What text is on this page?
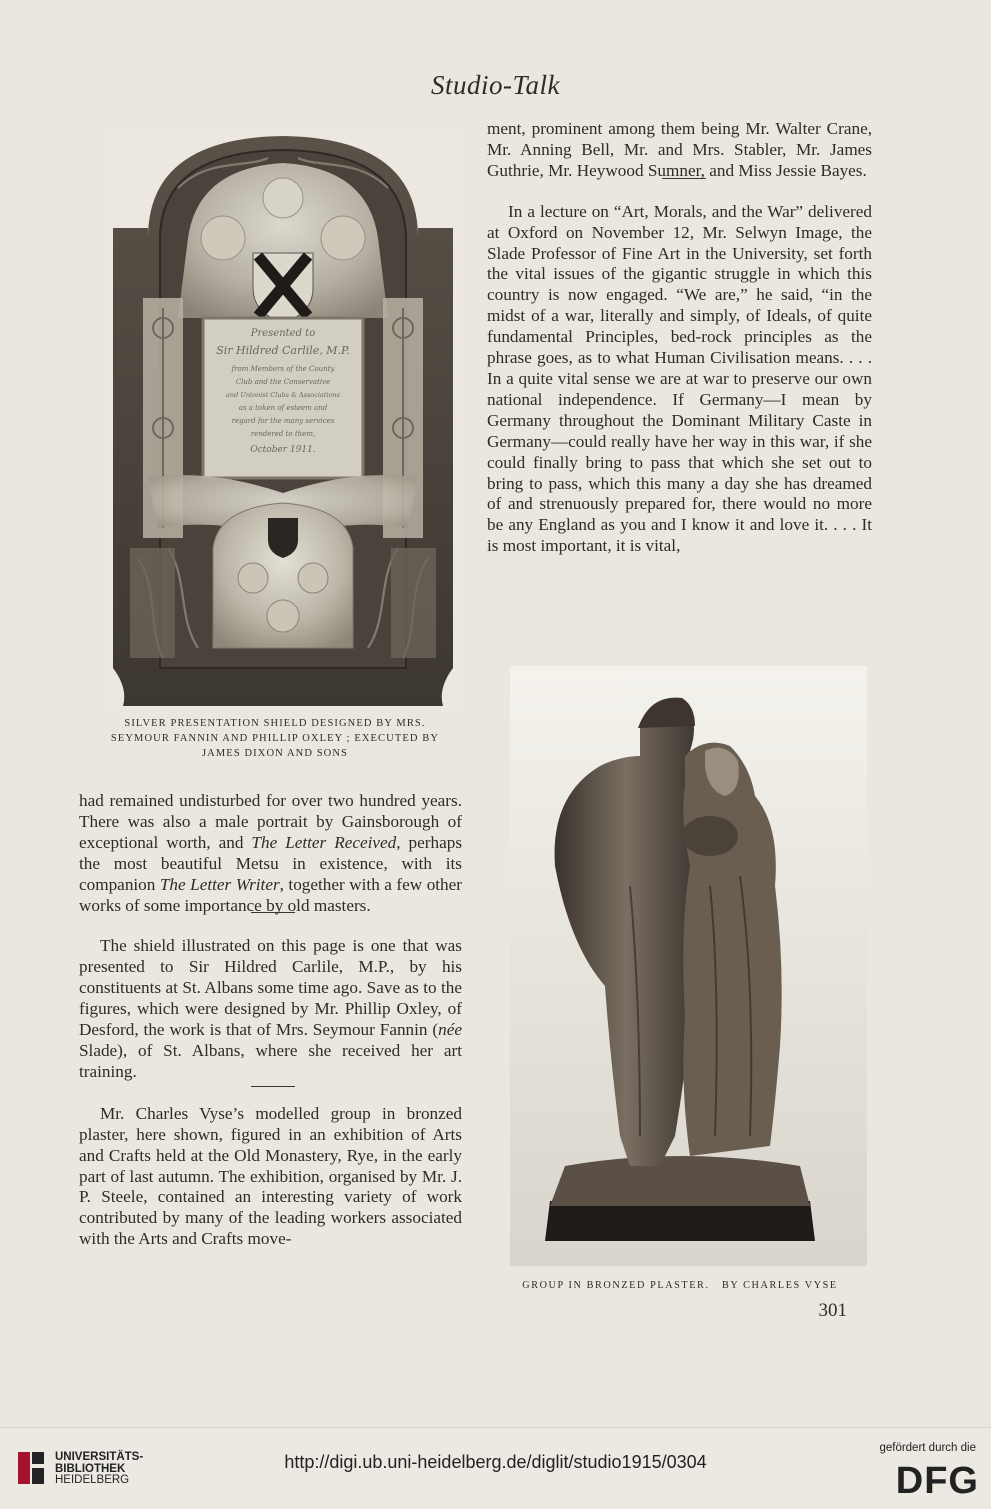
Studio-Talk
Presented to
Sir Hildred Carlile, M.P.
from Members of the County
Club and the Conservative
and Unionist Clubs & Associations
as a token of esteem and
regard for the many services
rendered to them,
October 1911.
SILVER PRESENTATION SHIELD DESIGNED BY MRS. SEYMOUR FANNIN AND PHILLIP OXLEY ; EXECUTED BY JAMES DIXON AND SONS

had remained undisturbed for over two hundred years. There was also a male portrait by Gainsborough of exceptional worth, and The Letter Received, perhaps the most beautiful Metsu in existence, with its companion The Letter Writer, together with a few other works of some importance by old masters.

The shield illustrated on this page is one that was presented to Sir Hildred Carlile, M.P., by his constituents at St. Albans some time ago. Save as to the figures, which were designed by Mr. Phillip Oxley, of Desford, the work is that of Mrs. Seymour Fannin (née Slade), of St. Albans, where she received her art training.

Mr. Charles Vyse’s modelled group in bronzed plaster, here shown, figured in an exhibition of Arts and Crafts held at the Old Monastery, Rye, in the early part of last autumn. The exhibition, organised by Mr. J. P. Steele, contained an interesting variety of work contributed by many of the leading workers associated with the Arts and Crafts move-

ment, prominent among them being Mr. Walter Crane, Mr. Anning Bell, Mr. and Mrs. Stabler, Mr. James Guthrie, Mr. Heywood Sumner, and Miss Jessie Bayes.

In a lecture on “Art, Morals, and the War” delivered at Oxford on November 12, Mr. Selwyn Image, the Slade Professor of Fine Art in the University, set forth the vital issues of the gigantic struggle in which this country is now engaged. “We are,” he said, “in the midst of a war, literally and simply, of Ideals, of quite fundamental Principles, bed-rock principles as the phrase goes, as to what Human Civilisation means. . . . In a quite vital sense we are at war to preserve our own national independence. If Germany—I mean by Germany throughout the Dominant Military Caste in Germany—could really have her way in this war, if she could finally bring to pass that which she set out to bring to pass, which this many a day she has dreamed of and strenuously prepared for, there would no more be any England as you and I know it and love it. . . . It is most important, it is vital,

GROUP IN BRONZED PLASTER.   BY CHARLES VYSE
301
UNIVERSITÄTS-
BIBLIOTHEK
HEIDELBERG
http://digi.ub.uni-heidelberg.de/diglit/studio1915/0304
gefördert durch die
DFG
